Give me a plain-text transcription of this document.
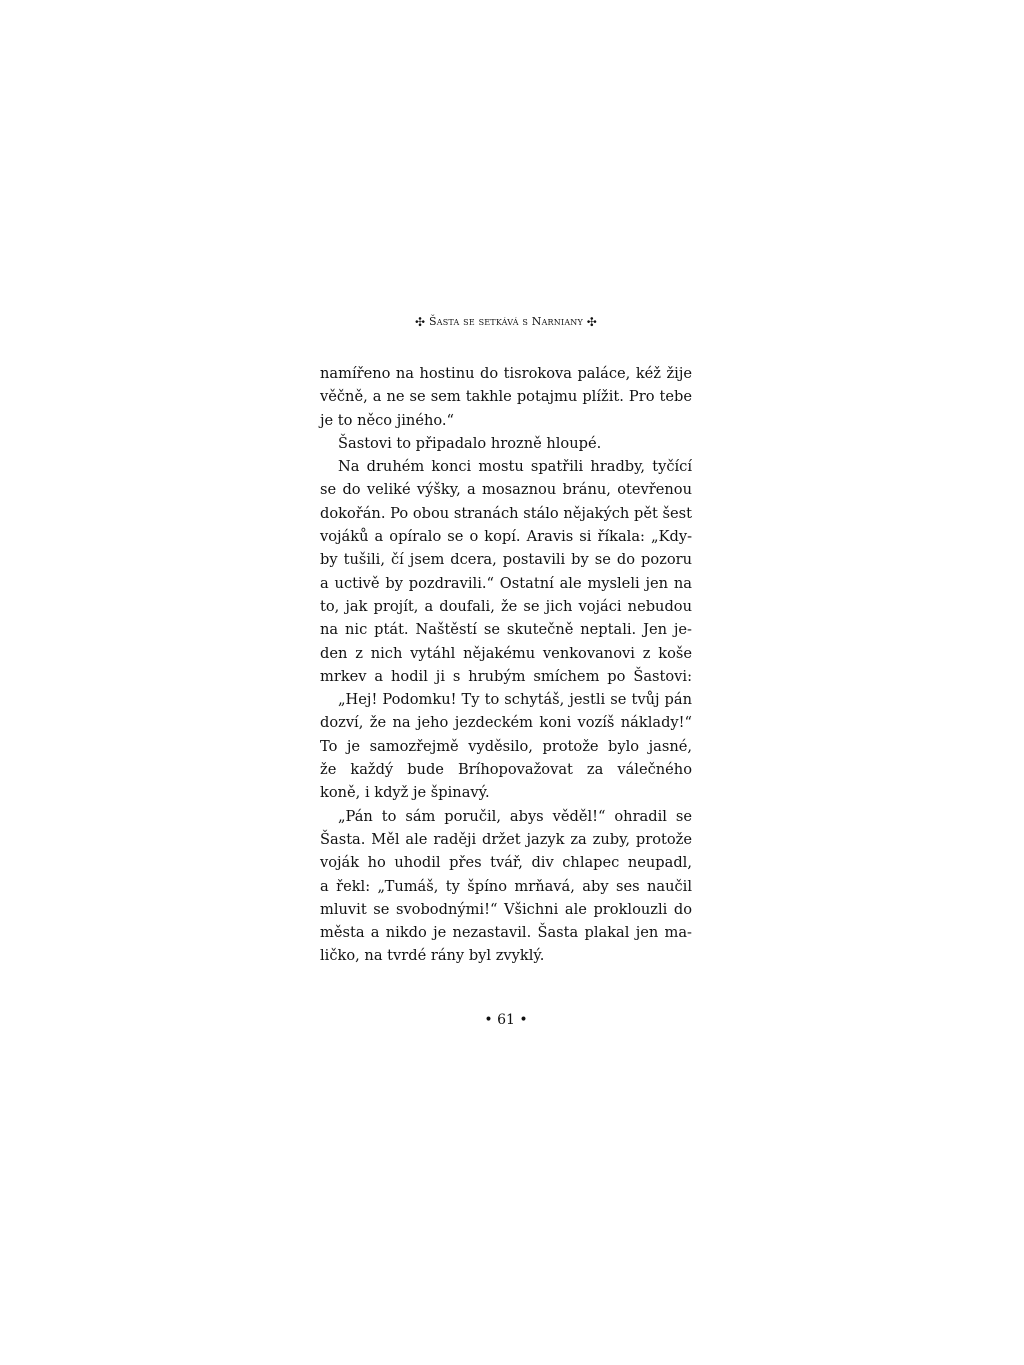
✣ Šasta se setkává s Narniany ✣

namířeno na hostinu do tisrokova paláce, kéž žije
věčně, a ne se sem takhle potajmu plížit. Pro tebe
je to něco jiného.“

Šastovi to připadalo hrozně hloupé.

Na druhém konci mostu spatřili hradby, tyčící
se do veliké výšky, a mosaznou bránu, otevřenou
dokořán. Po obou stranách stálo nějakých pět šest
vojáků a opíralo se o kopí. Aravis si říkala: „Kdy-
by tušili, čí jsem dcera, postavili by se do pozoru
a uctivě by pozdravili.“ Ostatní ale mysleli jen na
to, jak projít, a doufali, že se jich vojáci nebudou
na nic ptát. Naštěstí se skutečně neptali. Jen je-
den z nich vytáhl nějakému venkovanovi z koše
mrkev a hodil ji s hrubým smíchem po Šastovi:

„Hej! Podomku! Ty to schytáš, jestli se tvůj pán
dozví, že na jeho jezdeckém koni vozíš náklady!“
To je samozřejmě vyděsilo, protože bylo jasné,
že každý bude Bríhopovažovat za válečného
koně, i když je špinavý.

„Pán to sám poručil, abys věděl!“ ohradil se
Šasta. Měl ale raději držet jazyk za zuby, protože
voják ho uhodil přes tvář, div chlapec neupadl,
a řekl: „Tumáš, ty špíno mrňavá, aby ses naučil
mluvit se svobodnými!“ Všichni ale proklouzli do
města a nikdo je nezastavil. Šasta plakal jen ma-
ličko, na tvrdé rány byl zvyklý.

• 61 •
